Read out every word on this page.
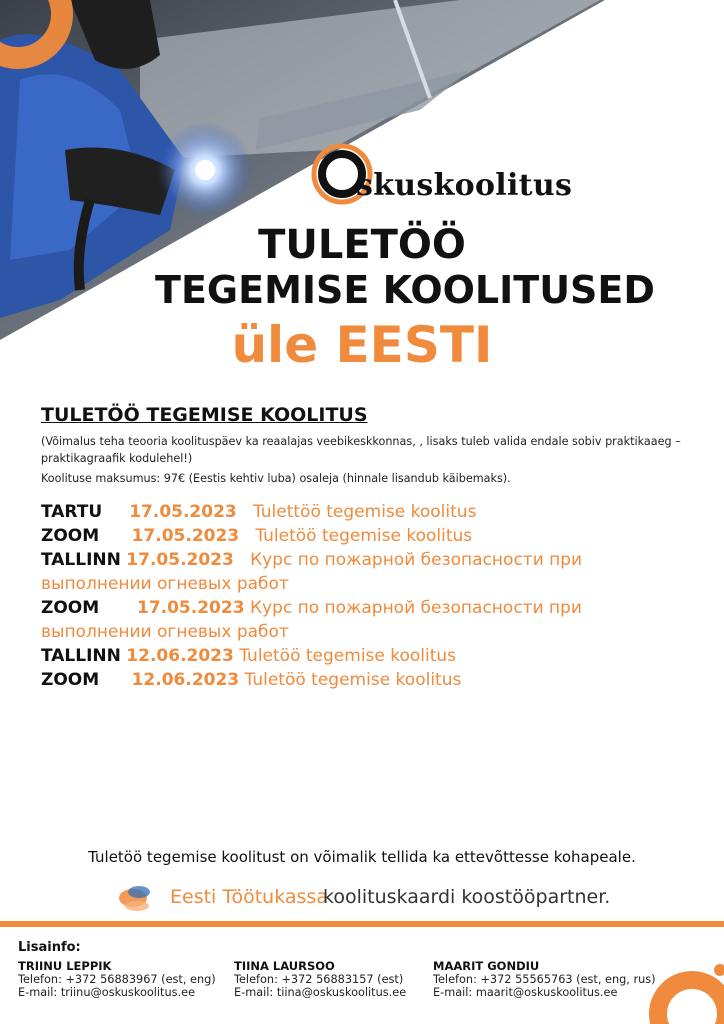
skuskoolitus
TULETÖÖ
TEGEMISE KOOLITUSED
üle EESTI
TULETÖÖ TEGEMISE KOOLITUS
(Võimalus teha teooria koolituspäev ka reaalajas veebikeskkonnas, , lisaks tuleb valida endale sobiv praktikaaeg – praktikagraafik kodulehel!)
Koolituse maksumus: 97€ (Eestis kehtiv luba) osaleja (hinnale lisandub käibemaks).
TARTU 17.05.2023 Tulettöö tegemise koolitus
ZOOM 17.05.2023 Tuletöö tegemise koolitus
TALLINN 17.05.2023 Курс по пожарной безопасности при выполнении огневых работ
ZOOM 17.05.2023 Курс по пожарной безопасности при выполнении огневых работ
TALLINN 12.06.2023 Tuletöö tegemise koolitus
ZOOM 12.06.2023 Tuletöö tegemise koolitus
Tuletöö tegemise koolitust on võimalik tellida ka ettevõttesse kohapeale.
Eesti Töötukassa
koolituskaardi koostööpartner.
Lisainfo:
TRIINU LEPPIK
Telefon: +372 56883967 (est, eng)
E-mail: triinu@oskuskoolitus.ee
TIINA LAURSOO
Telefon: +372 56883157 (est)
E-mail: tiina@oskuskoolitus.ee
MAARIT GONDIU
Telefon: +372 55565763 (est, eng, rus)
E-mail: maarit@oskuskoolitus.ee
